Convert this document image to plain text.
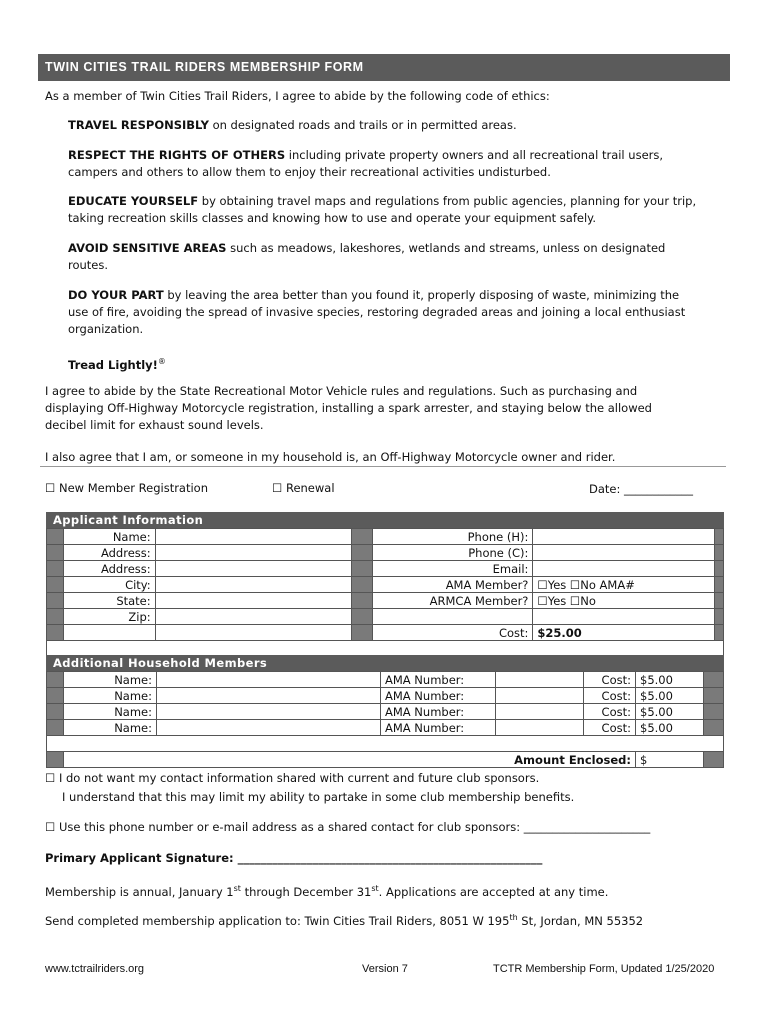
TWIN CITIES TRAIL RIDERS MEMBERSHIP FORM
As a member of Twin Cities Trail Riders, I agree to abide by the following code of ethics:
TRAVEL RESPONSIBLY on designated roads and trails or in permitted areas.
RESPECT THE RIGHTS OF OTHERS including private property owners and all recreational trail users,
campers and others to allow them to enjoy their recreational activities undisturbed.
EDUCATE YOURSELF by obtaining travel maps and regulations from public agencies, planning for your trip,
taking recreation skills classes and knowing how to use and operate your equipment safely.
AVOID SENSITIVE AREAS such as meadows, lakeshores, wetlands and streams, unless on designated
routes.
DO YOUR PART by leaving the area better than you found it, properly disposing of waste, minimizing the
use of fire, avoiding the spread of invasive species, restoring degraded areas and joining a local enthusiast
organization.
Tread Lightly!®
I agree to abide by the State Recreational Motor Vehicle rules and regulations. Such as purchasing and
displaying Off-Highway Motorcycle registration, installing a spark arrester, and staying below the allowed
decibel limit for exhaust sound levels.
I also agree that I am, or someone in my household is, an Off-Highway Motorcycle owner and rider.
☐ New Member Registration	☐ Renewal	Date: ____________
Applicant Information
	Name:			Phone (H):		
	Address:			Phone (C):		
	Address:			Email:		
	City:			AMA Member?	☐Yes ☐No AMA#	
	State:			ARMCA Member?	☐Yes ☐No	
	Zip:					
				Cost:	$25.00	

Additional Household Members
	Name:		AMA Number:		Cost:	$5.00	
	Name:		AMA Number:		Cost:	$5.00	
	Name:		AMA Number:		Cost:	$5.00	
	Name:		AMA Number:		Cost:	$5.00	

	Amount Enclosed:					$	
☐ I do not want my contact information shared with current and future club sponsors.
I understand that this may limit my ability to partake in some club membership benefits.
☐ Use this phone number or e-mail address as a shared contact for club sponsors: ______________________
Primary Applicant Signature: _____________________________________________________
Membership is annual, January 1st through December 31st. Applications are accepted at any time.
Send completed membership application to: Twin Cities Trail Riders, 8051 W 195th St, Jordan, MN 55352
www.tctrailriders.org	Version 7	TCTR Membership Form, Updated 1/25/2020
